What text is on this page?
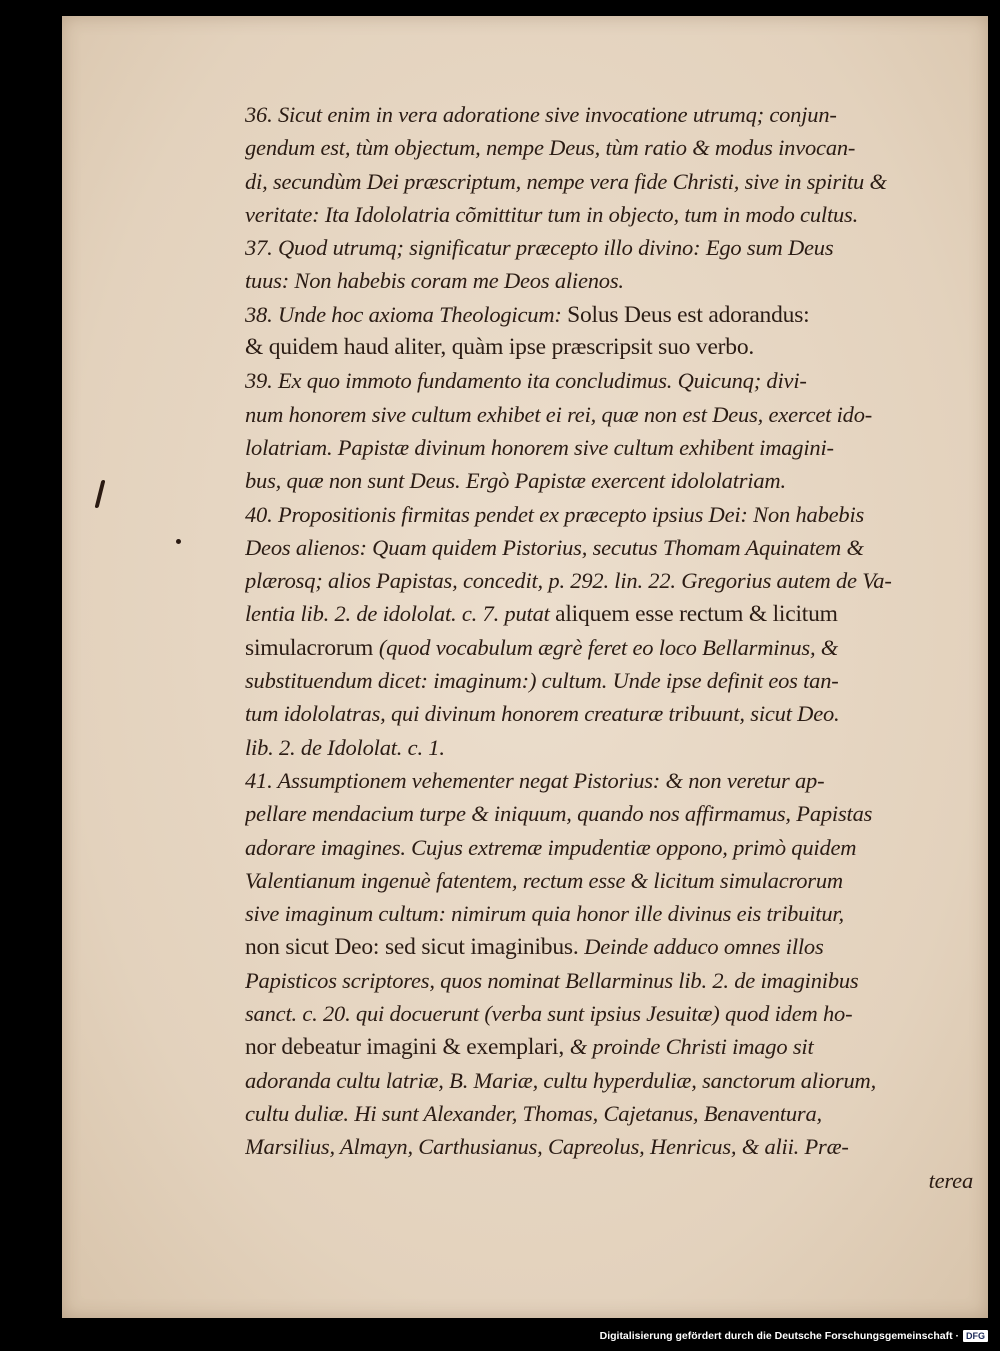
36. Sicut enim in vera adoratione sive invocatione utrumq; conjun-
gendum est, tùm objectum, nempe Deus, tùm ratio & modus invocan-
di, secundùm Dei præscriptum, nempe vera fide Christi, sive in spiritu &
veritate: Ita Idololatria cõmittitur tum in objecto, tum in modo cultus.
37. Quod utrumq; significatur præcepto illo divino: Ego sum Deus
tuus: Non habebis coram me Deos alienos.
38. Unde hoc axioma Theologicum: Solus Deus est adorandus:
& quidem haud aliter, quàm ipse præscripsit suo verbo.
39. Ex quo immoto fundamento ita concludimus. Quicunq; divi-
num honorem sive cultum exhibet ei rei, quæ non est Deus, exercet ido-
lolatriam. Papistæ divinum honorem sive cultum exhibent imagini-
bus, quæ non sunt Deus. Ergò Papistæ exercent idololatriam.
40. Propositionis firmitas pendet ex præcepto ipsius Dei: Non habebis
Deos alienos: Quam quidem Pistorius, secutus Thomam Aquinatem &
plærosq; alios Papistas, concedit, p. 292. lin. 22. Gregorius autem de Va-
lentia lib. 2. de idololat. c. 7. putat aliquem esse rectum & licitum
simulacrorum (quod vocabulum ægrè feret eo loco Bellarminus, &
substituendum dicet: imaginum:) cultum. Unde ipse definit eos tan-
tum idololatras, qui divinum honorem creaturæ tribuunt, sicut Deo.
lib. 2. de Idololat. c. 1.
41. Assumptionem vehementer negat Pistorius: & non veretur ap-
pellare mendacium turpe & iniquum, quando nos affirmamus, Papistas
adorare imagines. Cujus extremæ impudentiæ oppono, primò quidem
Valentianum ingenuè fatentem, rectum esse & licitum simulacrorum
sive imaginum cultum: nimirum quia honor ille divinus eis tribuitur,
non sicut Deo: sed sicut imaginibus. Deinde adduco omnes illos
Papisticos scriptores, quos nominat Bellarminus lib. 2. de imaginibus
sanct. c. 20. qui docuerunt (verba sunt ipsius Jesuitæ) quod idem ho-
nor debeatur imagini & exemplari, & proinde Christi imago sit
adoranda cultu latriæ, B. Mariæ, cultu hyperduliæ, sanctorum aliorum,
cultu duliæ. Hi sunt Alexander, Thomas, Cajetanus, Benaventura,
Marsilius, Almayn, Carthusianus, Capreolus, Henricus, & alii. Præ-
terea
Digitalisierung gefördert durch die Deutsche Forschungsgemeinschaft · DFG
